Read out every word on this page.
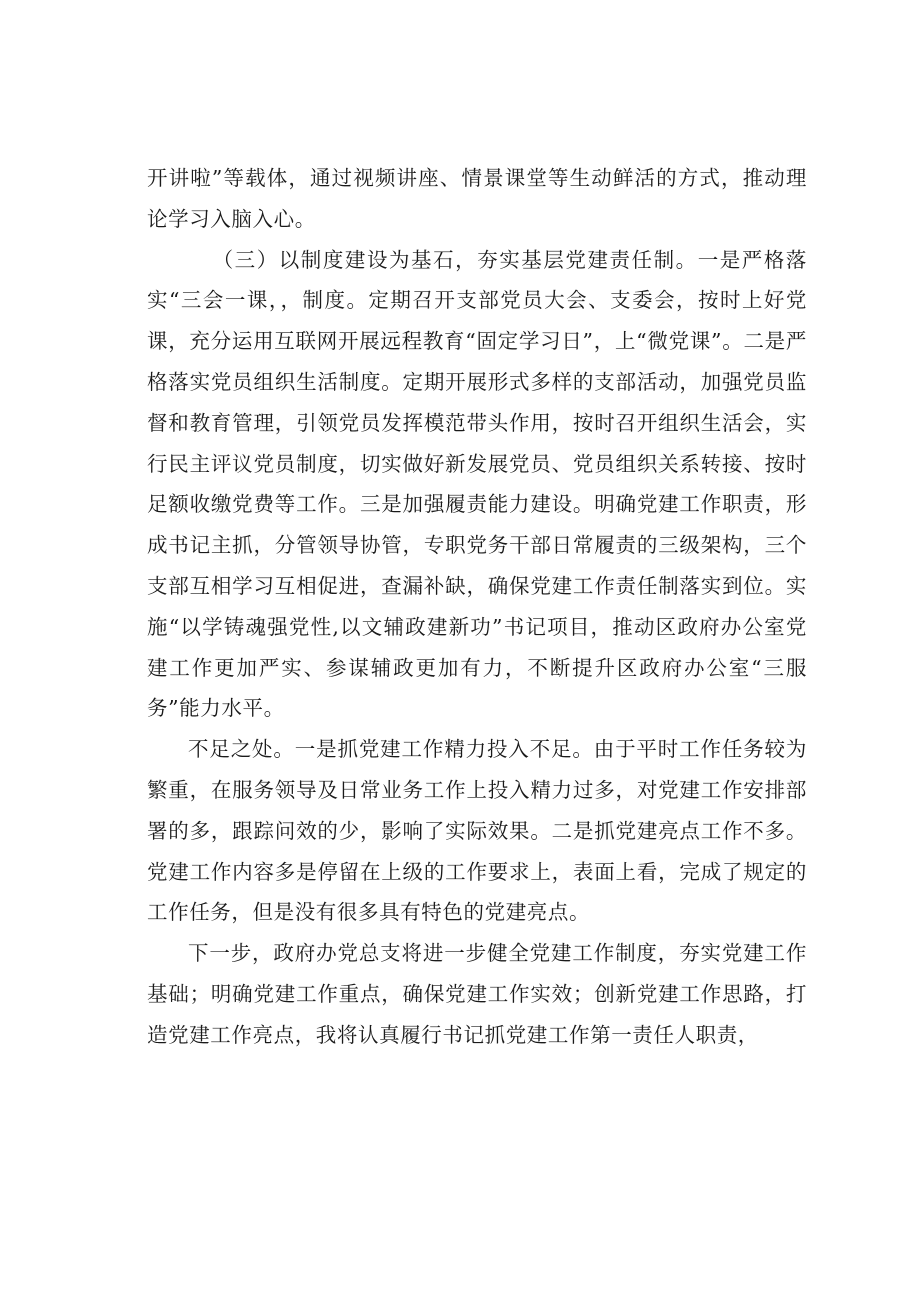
开讲啦”等载体，通过视频讲座、情景课堂等生动鲜活的方式，推动理论学习入脑入心。

（三）以制度建设为基石，夯实基层党建责任制。一是严格落实“三会一课，，制度。定期召开支部党员大会、支委会，按时上好党课，充分运用互联网开展远程教育“固定学习日”，上“微党课”。二是严格落实党员组织生活制度。定期开展形式多样的支部活动，加强党员监督和教育管理，引领党员发挥模范带头作用，按时召开组织生活会，实行民主评议党员制度，切实做好新发展党员、党员组织关系转接、按时足额收缴党费等工作。三是加强履责能力建设。明确党建工作职责，形成书记主抓，分管领导协管，专职党务干部日常履责的三级架构，三个支部互相学习互相促进，查漏补缺，确保党建工作责任制落实到位。实施“以学铸魂强党性,以文辅政建新功”书记项目，推动区政府办公室党建工作更加严实、参谋辅政更加有力，不断提升区政府办公室“三服务”能力水平。

不足之处。一是抓党建工作精力投入不足。由于平时工作任务较为繁重，在服务领导及日常业务工作上投入精力过多，对党建工作安排部署的多，跟踪问效的少，影响了实际效果。二是抓党建亮点工作不多。党建工作内容多是停留在上级的工作要求上，表面上看，完成了规定的工作任务，但是没有很多具有特色的党建亮点。

下一步，政府办党总支将进一步健全党建工作制度，夯实党建工作基础；明确党建工作重点，确保党建工作实效；创新党建工作思路，打造党建工作亮点，我将认真履行书记抓党建工作第一责任人职责，
